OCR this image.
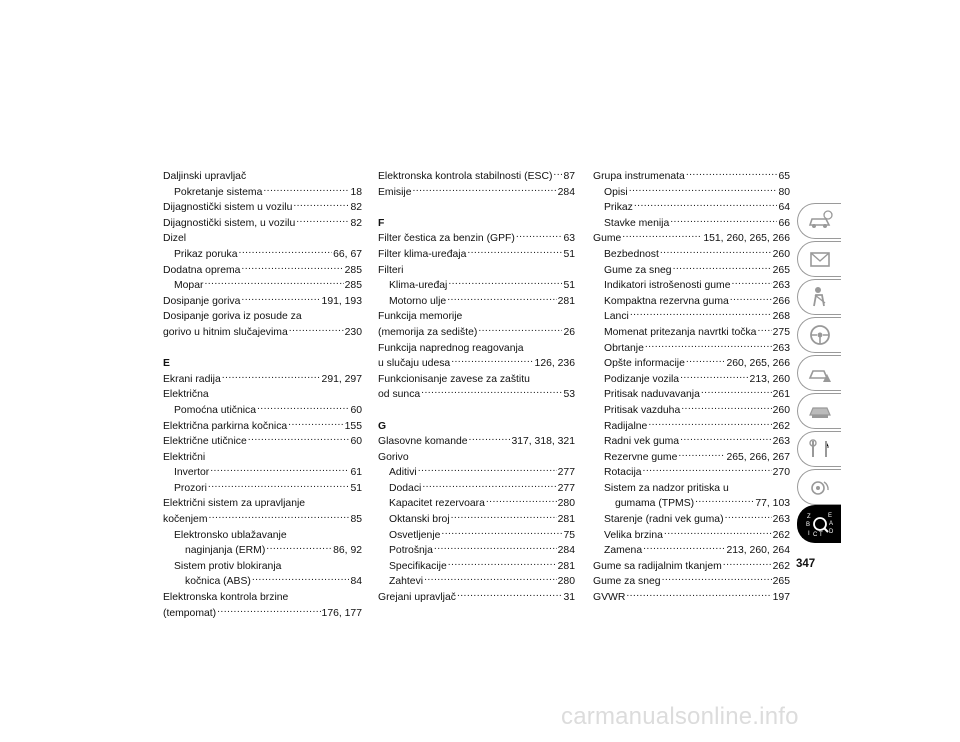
Daljinski upravljač
Pokretanje sistema .....	18
Dijagnostički sistem u vozilu .....	82
Dijagnostički sistem, u vozilu .....	82
Dizel
Prikaz poruka .....	66, 67
Dodatna oprema .....	285
Mopar .....	285
Dosipanje goriva .....	191, 193
Dosipanje goriva iz posude za
gorivo u hitnim slučajevima .....	230
E
Ekrani radija .....	291, 297
Električna
Pomoćna utičnica .....	60
Električna parkirna kočnica .....	155
Električne utičnice .....	60
Električni
Invertor .....	61
Prozori .....	51
Električni sistem za upravljanje
kočenjem .....	85
Elektronsko ublažavanje
naginjanja (ERM) .....	86, 92
Sistem protiv blokiranja
kočnica (ABS) .....	84
Elektronska kontrola brzine
(tempomat) .....	176, 177
Elektronska kontrola stabilnosti (ESC) ..... 87
Emisije .....	284
F
Filter čestica za benzin (GPF) .....	63
Filter klima-uređaja .....	51
Filteri
Klima-uređaj .....	51
Motorno ulje .....	281
Funkcija memorije
(memorija za sedište) .....	26
Funkcija naprednog reagovanja
u slučaju udesa .....	126, 236
Funkcionisanje zavese za zaštitu
od sunca .....	53
G
Glasovne komande .....	317, 318, 321
Gorivo
Aditivi .....	277
Dodaci .....	277
Kapacitet rezervoara .....	280
Oktanski broj .....	281
Osvetljenje .....	75
Potrošnja .....	284
Specifikacije .....	281
Zahtevi .....	280
Grejani upravljač .....	31
Grupa instrumenata .....	65
Opisi .....	80
Prikaz .....	64
Stavke menija .....	66
Gume .....	151, 260, 265, 266
Bezbednost .....	260
Gume za sneg .....	265
Indikatori istrošenosti gume .....	263
Kompaktna rezervna guma .....	266
Lanci .....	268
Momenat pritezanja navrtki točka ..... 275
Obrtanje .....	263
Opšte informacije .....	260, 265, 266
Podizanje vozila .....	213, 260
Pritisak naduvavanja .....	261
Pritisak vazduha .....	260
Radijalne .....	262
Radni vek guma .....	263
Rezervne gume .....	265, 266, 267
Rotacija .....	270
Sistem za nadzor pritiska u
gumama (TPMS) .....	77, 103
Starenje (radni vek guma) .....	263
Velika brzina .....	262
Zamena .....	213, 260, 264
Gume sa radijalnim tkanjem .....	262
Gume za sneg .....	265
GVWR .....	197
347
Z	E
B	A
I C T D
carmanualsonline.info
